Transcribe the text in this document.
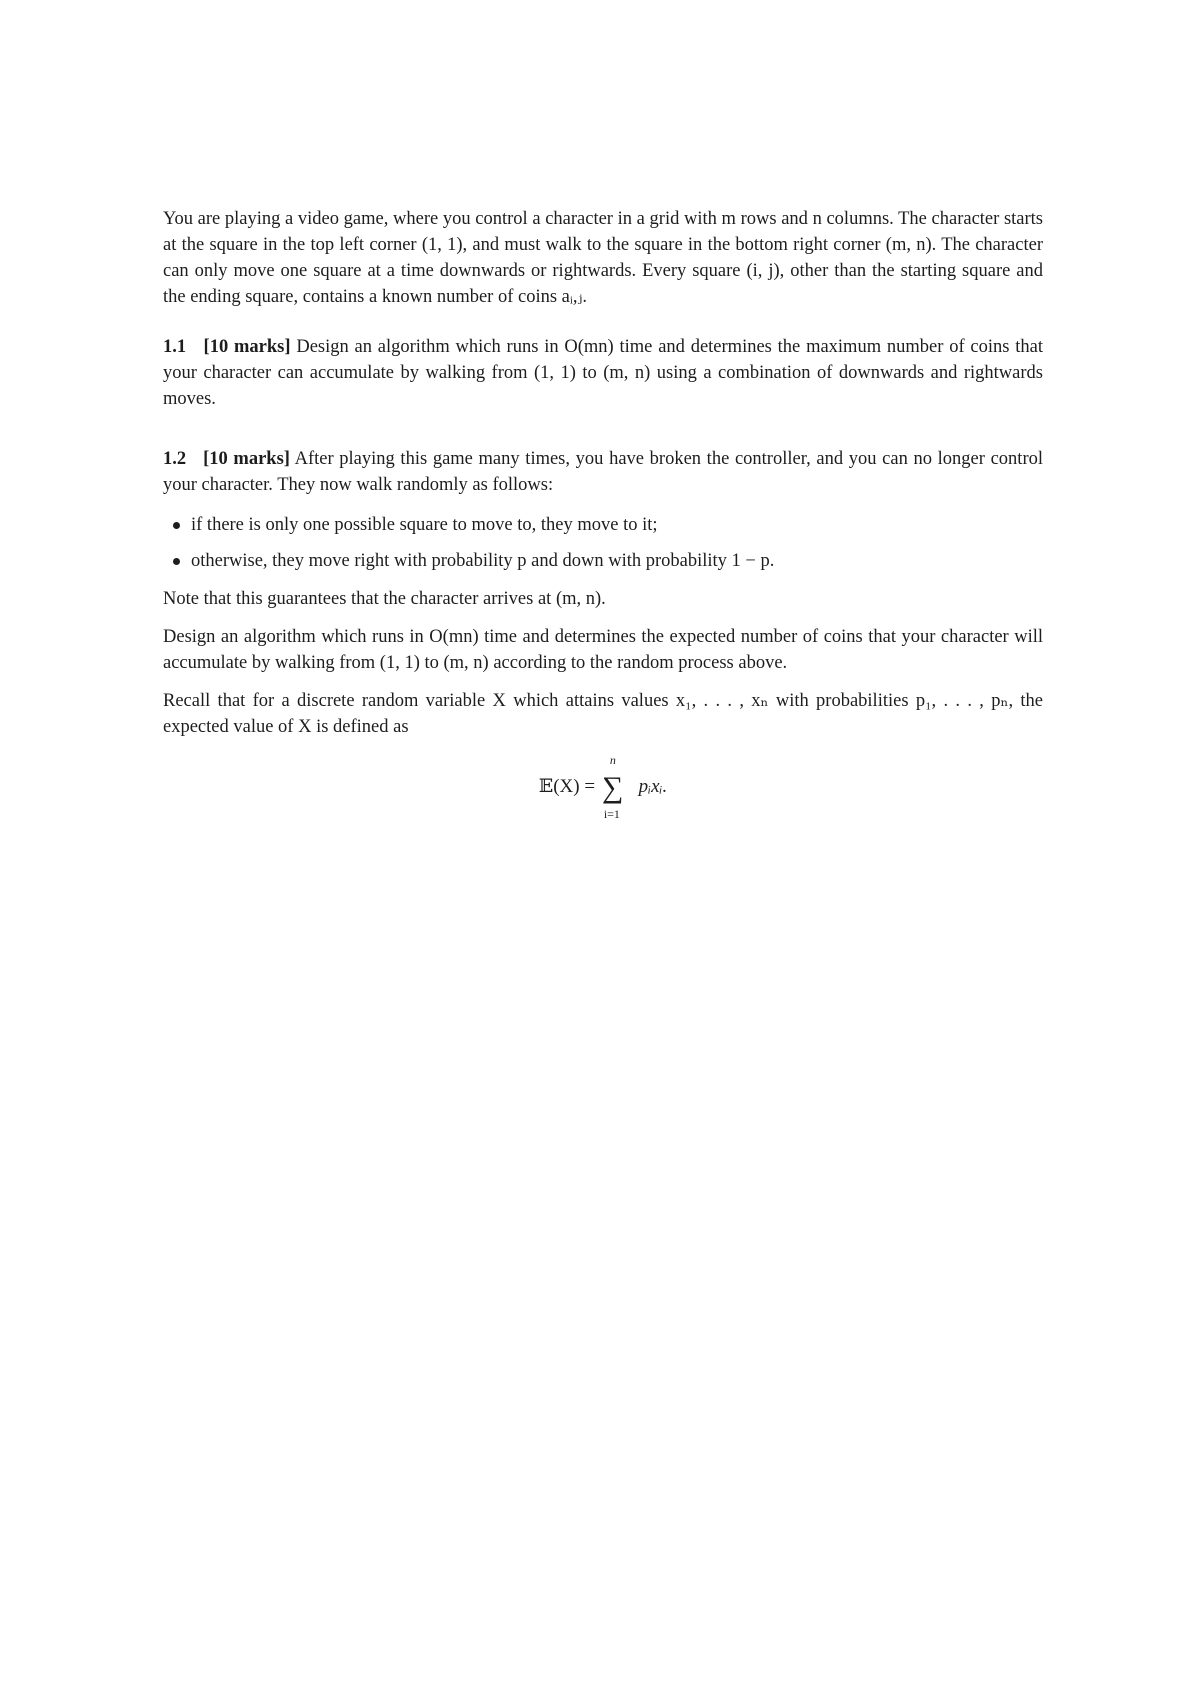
You are playing a video game, where you control a character in a grid with m rows and n columns. The character starts at the square in the top left corner (1, 1), and must walk to the square in the bottom right corner (m, n). The character can only move one square at a time downwards or rightwards. Every square (i, j), other than the starting square and the ending square, contains a known number of coins aᵢ,ⱼ.

1.1 [10 marks] Design an algorithm which runs in O(mn) time and determines the maximum number of coins that your character can accumulate by walking from (1, 1) to (m, n) using a combination of downwards and rightwards moves.

1.2 [10 marks] After playing this game many times, you have broken the controller, and you can no longer control your character. They now walk randomly as follows:

if there is only one possible square to move to, they move to it;
otherwise, they move right with probability p and down with probability 1 − p.

Note that this guarantees that the character arrives at (m, n).

Design an algorithm which runs in O(mn) time and determines the expected number of coins that your character will accumulate by walking from (1, 1) to (m, n) according to the random process above.

Recall that for a discrete random variable X which attains values x₁, . . . , xₙ with probabilities p₁, . . . , pₙ, the expected value of X is defined as

𝔼(X) =
n
∑
i=1
pᵢxᵢ.
